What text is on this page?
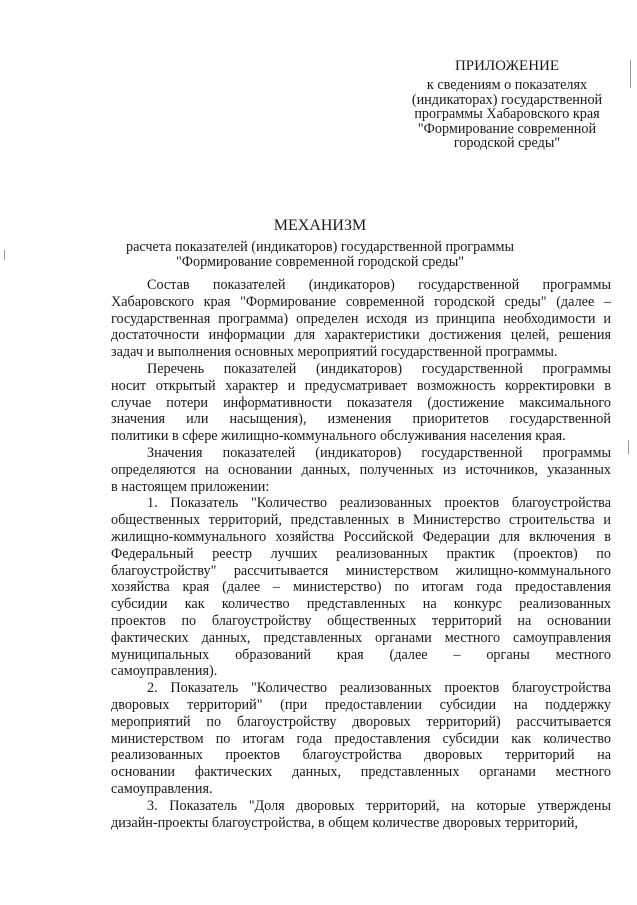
ПРИЛОЖЕНИЕ
к сведениям о показателях
(индикаторах) государственной
программы Хабаровского края
"Формирование современной
городской среды"
МЕХАНИЗМ
расчета показателей (индикаторов) государственной программы
"Формирование современной городской среды"
Состав показателей (индикаторов) государственной программы
Хабаровского края "Формирование современной городской среды" (далее –
государственная программа) определен исходя из принципа необходимости и
достаточности информации для характеристики достижения целей, решения
задач и выполнения основных мероприятий государственной программы.
Перечень показателей (индикаторов) государственной программы
носит открытый характер и предусматривает возможность корректировки в
случае потери информативности показателя (достижение максимального
значения или насыщения), изменения приоритетов государственной
политики в сфере жилищно-коммунального обслуживания населения края.
Значения показателей (индикаторов) государственной программы
определяются на основании данных, полученных из источников, указанных
в настоящем приложении:
1. Показатель "Количество реализованных проектов благоустройства
общественных территорий, представленных в Министерство строительства и
жилищно-коммунального хозяйства Российской Федерации для включения в
Федеральный реестр лучших реализованных практик (проектов) по
благоустройству" рассчитывается министерством жилищно-коммунального
хозяйства края (далее – министерство) по итогам года предоставления
субсидии как количество представленных на конкурс реализованных
проектов по благоустройству общественных территорий на основании
фактических данных, представленных органами местного самоуправления
муниципальных образований края (далее – органы местного
самоуправления).
2. Показатель "Количество реализованных проектов благоустройства
дворовых территорий" (при предоставлении субсидии на поддержку
мероприятий по благоустройству дворовых территорий) рассчитывается
министерством по итогам года предоставления субсидии как количество
реализованных проектов благоустройства дворовых территорий на
основании фактических данных, представленных органами местного
самоуправления.
3. Показатель "Доля дворовых территорий, на которые утверждены
дизайн-проекты благоустройства, в общем количестве дворовых территорий,
